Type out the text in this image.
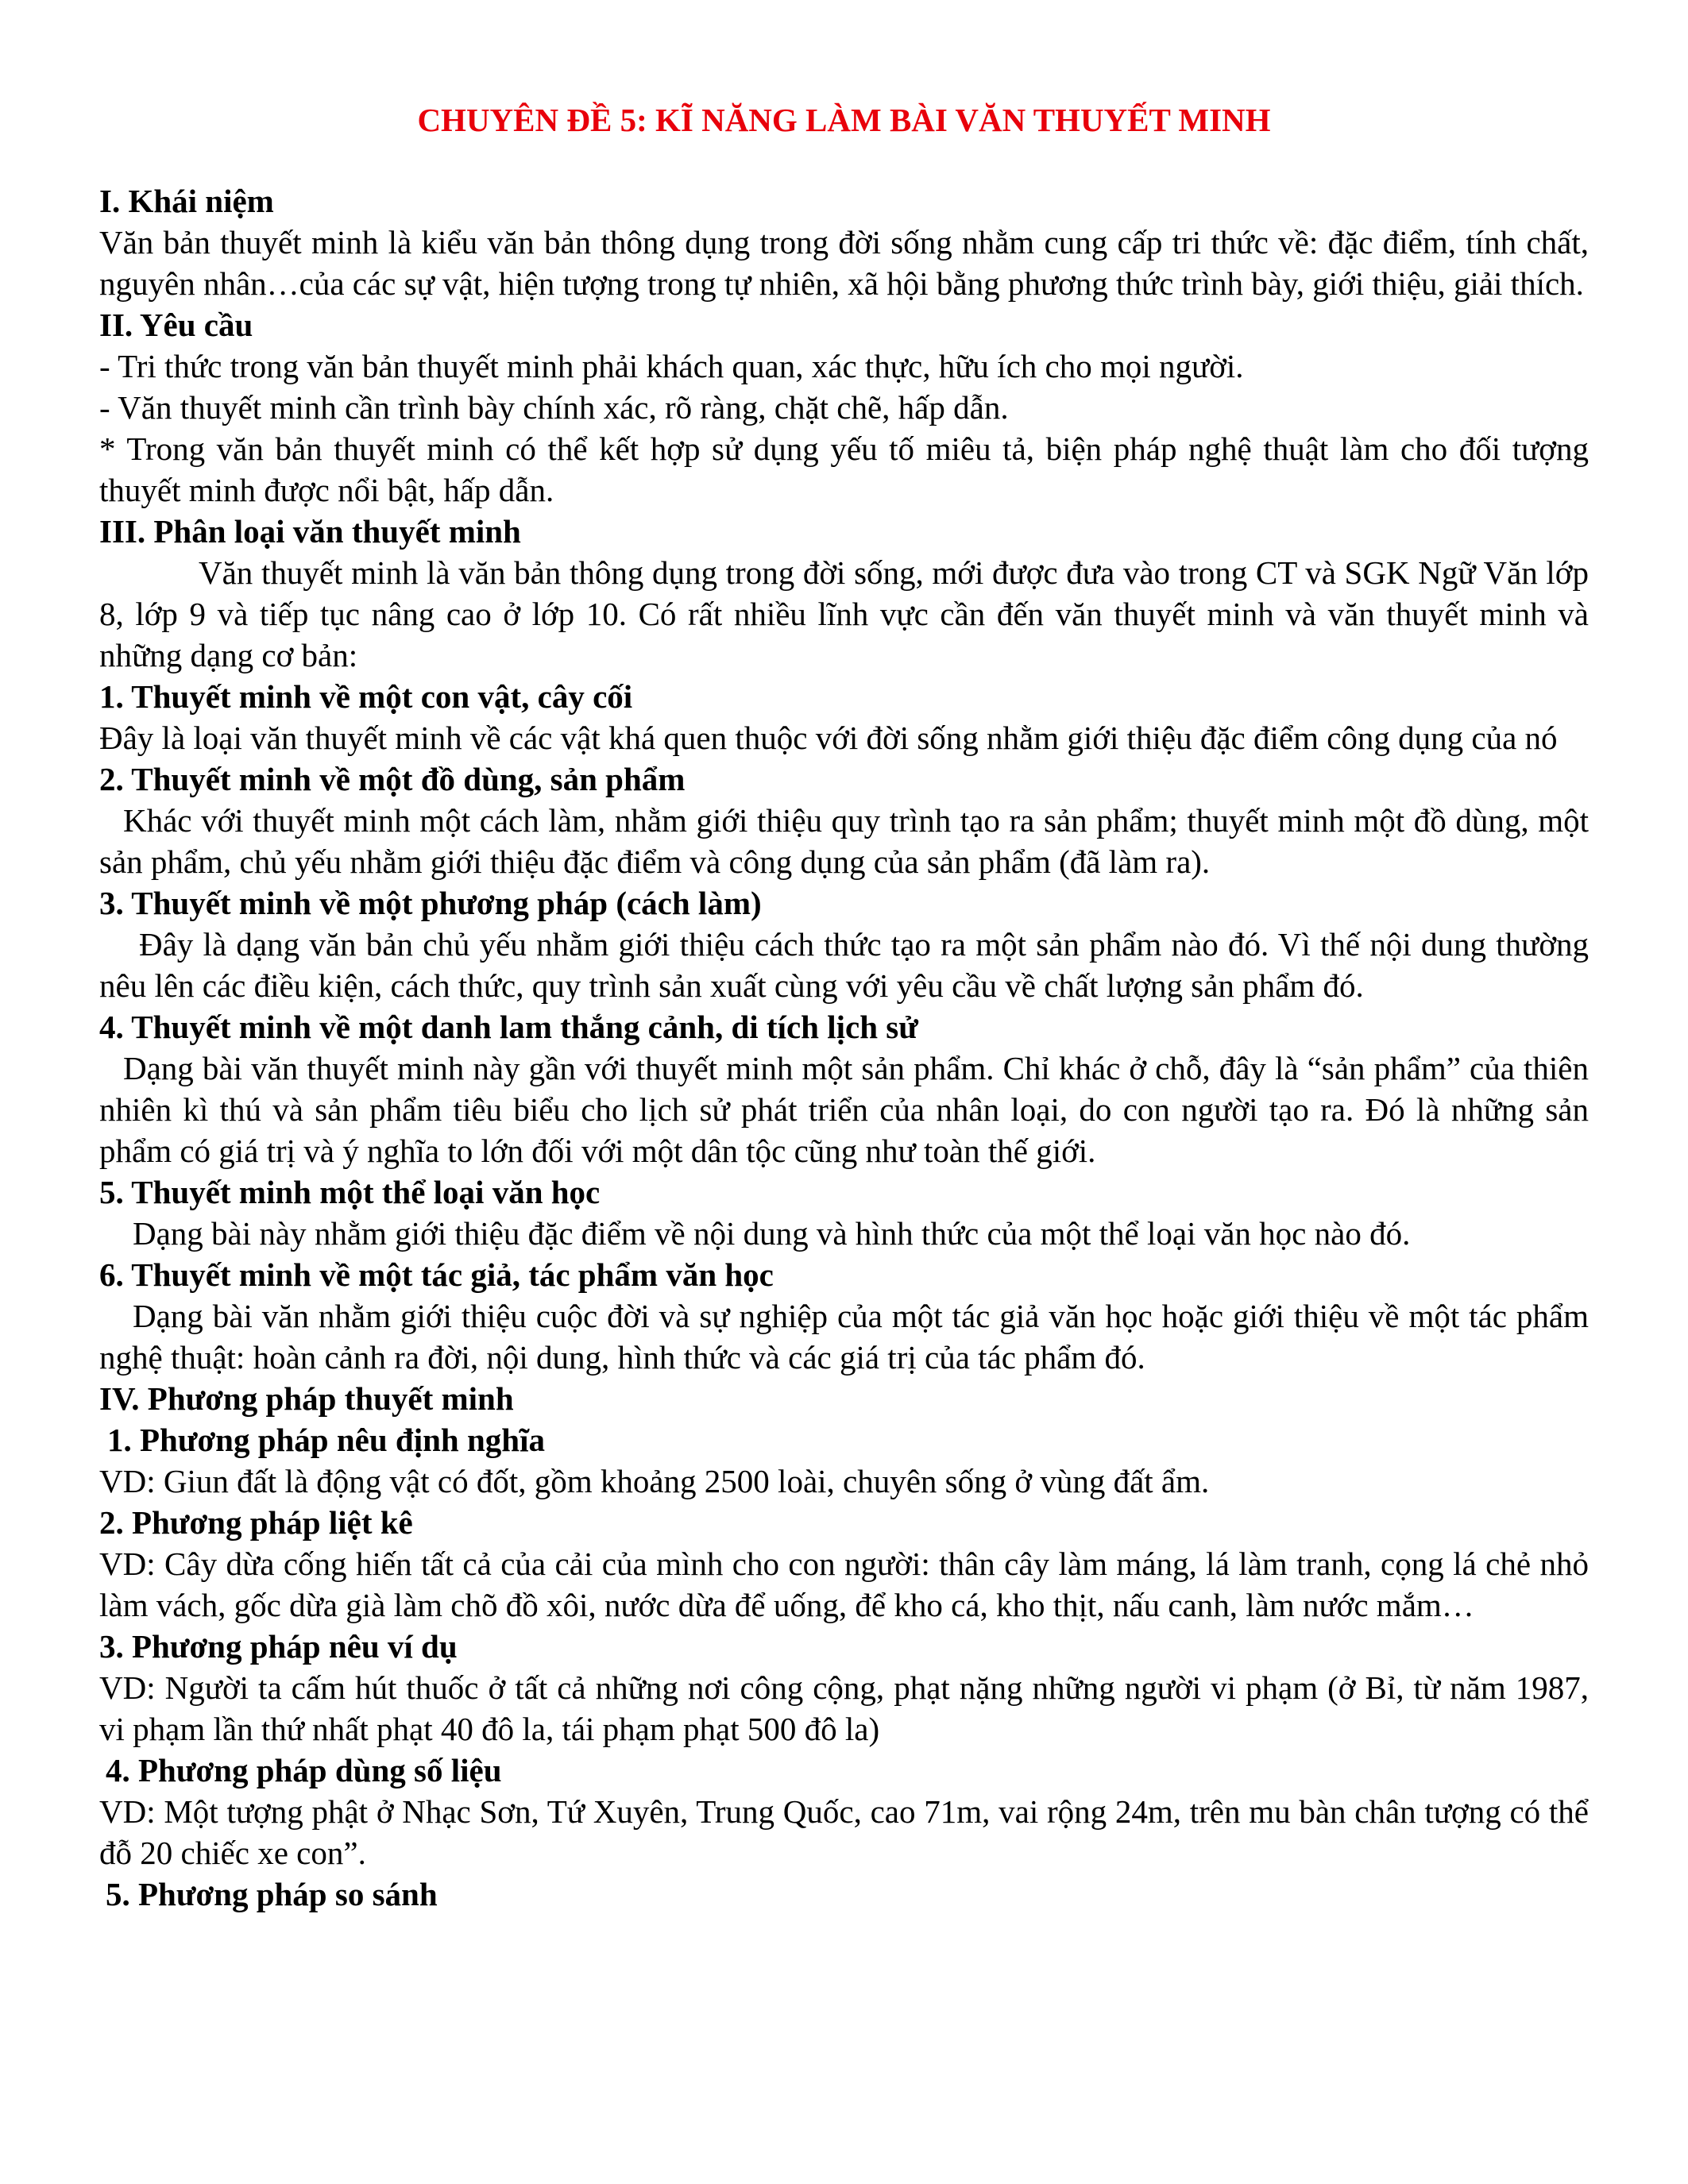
CHUYÊN ĐỀ 5: KĨ NĂNG LÀM BÀI VĂN THUYẾT MINH
I. Khái niệm
Văn bản thuyết minh là kiểu văn bản thông dụng trong đời sống nhằm cung cấp tri thức về: đặc điểm, tính chất, nguyên nhân…của các sự vật, hiện tượng trong tự nhiên, xã hội bằng phương thức trình bày, giới thiệu, giải thích.
II. Yêu cầu
- Tri thức trong văn bản thuyết minh phải khách quan, xác thực, hữu ích cho mọi người.
- Văn thuyết minh cần trình bày chính xác, rõ ràng, chặt chẽ, hấp dẫn.
* Trong văn bản thuyết minh có thể kết hợp sử dụng yếu tố miêu tả, biện pháp nghệ thuật làm cho đối tượng thuyết minh được nổi bật, hấp dẫn.
III. Phân loại văn thuyết minh
Văn thuyết minh là văn bản thông dụng trong đời sống, mới được đưa vào trong CT và SGK Ngữ Văn lớp 8, lớp 9 và tiếp tục nâng cao ở lớp 10. Có rất nhiều lĩnh vực cần đến văn thuyết minh và văn thuyết minh và những dạng cơ bản:
1. Thuyết minh về một con vật, cây cối
Đây là loại văn thuyết minh về các vật khá quen thuộc với đời sống nhằm giới thiệu đặc điểm công dụng của nó
2. Thuyết minh về một đồ dùng, sản phẩm
Khác với thuyết minh một cách làm, nhằm giới thiệu quy trình tạo ra sản phẩm; thuyết minh một đồ dùng, một sản phẩm, chủ yếu nhằm giới thiệu đặc điểm và công dụng của sản phẩm (đã làm ra).
3. Thuyết minh về một phương pháp (cách làm)
Đây là dạng văn bản chủ yếu nhằm giới thiệu cách thức tạo ra một sản phẩm nào đó. Vì thế nội dung thường nêu lên các điều kiện, cách thức, quy trình sản xuất cùng với yêu cầu về chất lượng sản phẩm đó.
4. Thuyết minh về một danh lam thắng cảnh, di tích lịch sử
Dạng bài văn thuyết minh này gần với thuyết minh một sản phẩm. Chỉ khác ở chỗ, đây là “sản phẩm” của thiên nhiên kì thú và sản phẩm tiêu biểu cho lịch sử phát triển của nhân loại, do con người tạo ra. Đó là những sản phẩm có giá trị và ý nghĩa to lớn đối với một dân tộc cũng như toàn thế giới.
5. Thuyết minh một thể loại văn học
Dạng bài này nhằm giới thiệu đặc điểm về nội dung và hình thức của một thể loại văn học nào đó.
6. Thuyết minh về một tác giả, tác phẩm văn học
Dạng bài văn nhằm giới thiệu cuộc đời và sự nghiệp của một tác giả văn học hoặc giới thiệu về một tác phẩm nghệ thuật: hoàn cảnh ra đời, nội dung, hình thức và các giá trị của tác phẩm đó.
IV. Phương pháp thuyết minh
1. Phương pháp nêu định nghĩa
VD: Giun đất là động vật có đốt, gồm khoảng 2500 loài, chuyên sống ở vùng đất ẩm.
2. Phương pháp liệt kê
VD: Cây dừa cống hiến tất cả của cải của mình cho con người: thân cây làm máng, lá làm tranh, cọng lá chẻ nhỏ làm vách, gốc dừa già làm chõ đồ xôi, nước dừa để uống, để kho cá, kho thịt, nấu canh, làm nước mắm…
3. Phương pháp nêu ví dụ
VD: Người ta cấm hút thuốc ở tất cả những nơi công cộng, phạt nặng những người vi phạm (ở Bỉ, từ năm 1987, vi phạm lần thứ nhất phạt 40 đô la, tái phạm phạt 500 đô la)
4. Phương pháp dùng số liệu
VD: Một tượng phật ở Nhạc Sơn, Tứ Xuyên, Trung Quốc, cao 71m, vai rộng 24m, trên mu bàn chân tượng có thể đỗ 20 chiếc xe con”.
5. Phương pháp so sánh
